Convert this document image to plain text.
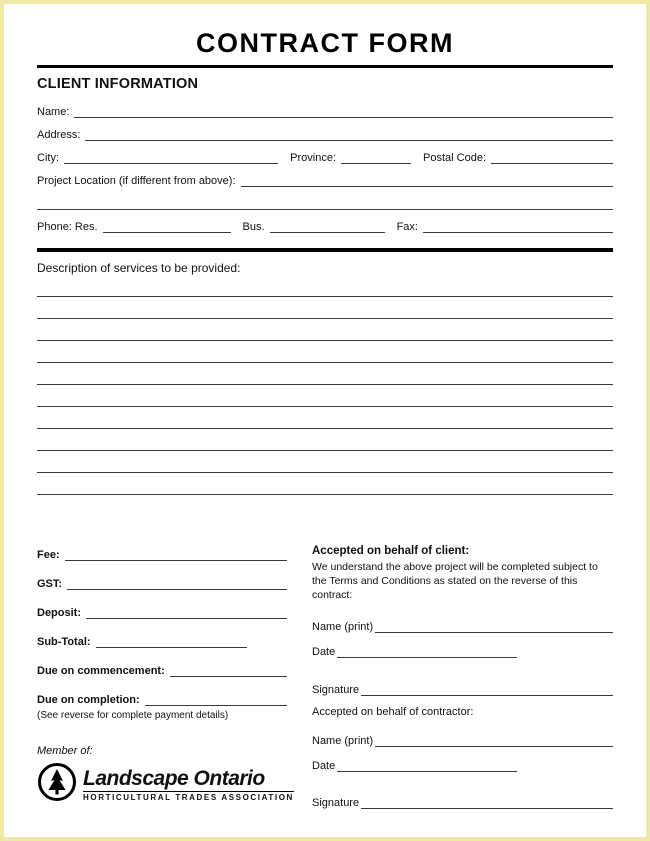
CONTRACT FORM
CLIENT INFORMATION
Name:
Address:
City:	Province:	Postal Code:
Project Location (if different from above):
Phone: Res.	Bus.	Fax:
Description of services to be provided:
Fee:
GST:
Deposit:
Sub-Total:
Due on commencement:
Due on completion:
(See reverse for complete payment details)
Member of:
Landscape Ontario
HORTICULTURAL TRADES ASSOCIATION
Accepted on behalf of client:
We understand the above project will be completed subject to the Terms and Conditions as stated on the reverse of this contract:
Name (print)
Date
Signature
Accepted on behalf of contractor:
Name (print)
Date
Signature
